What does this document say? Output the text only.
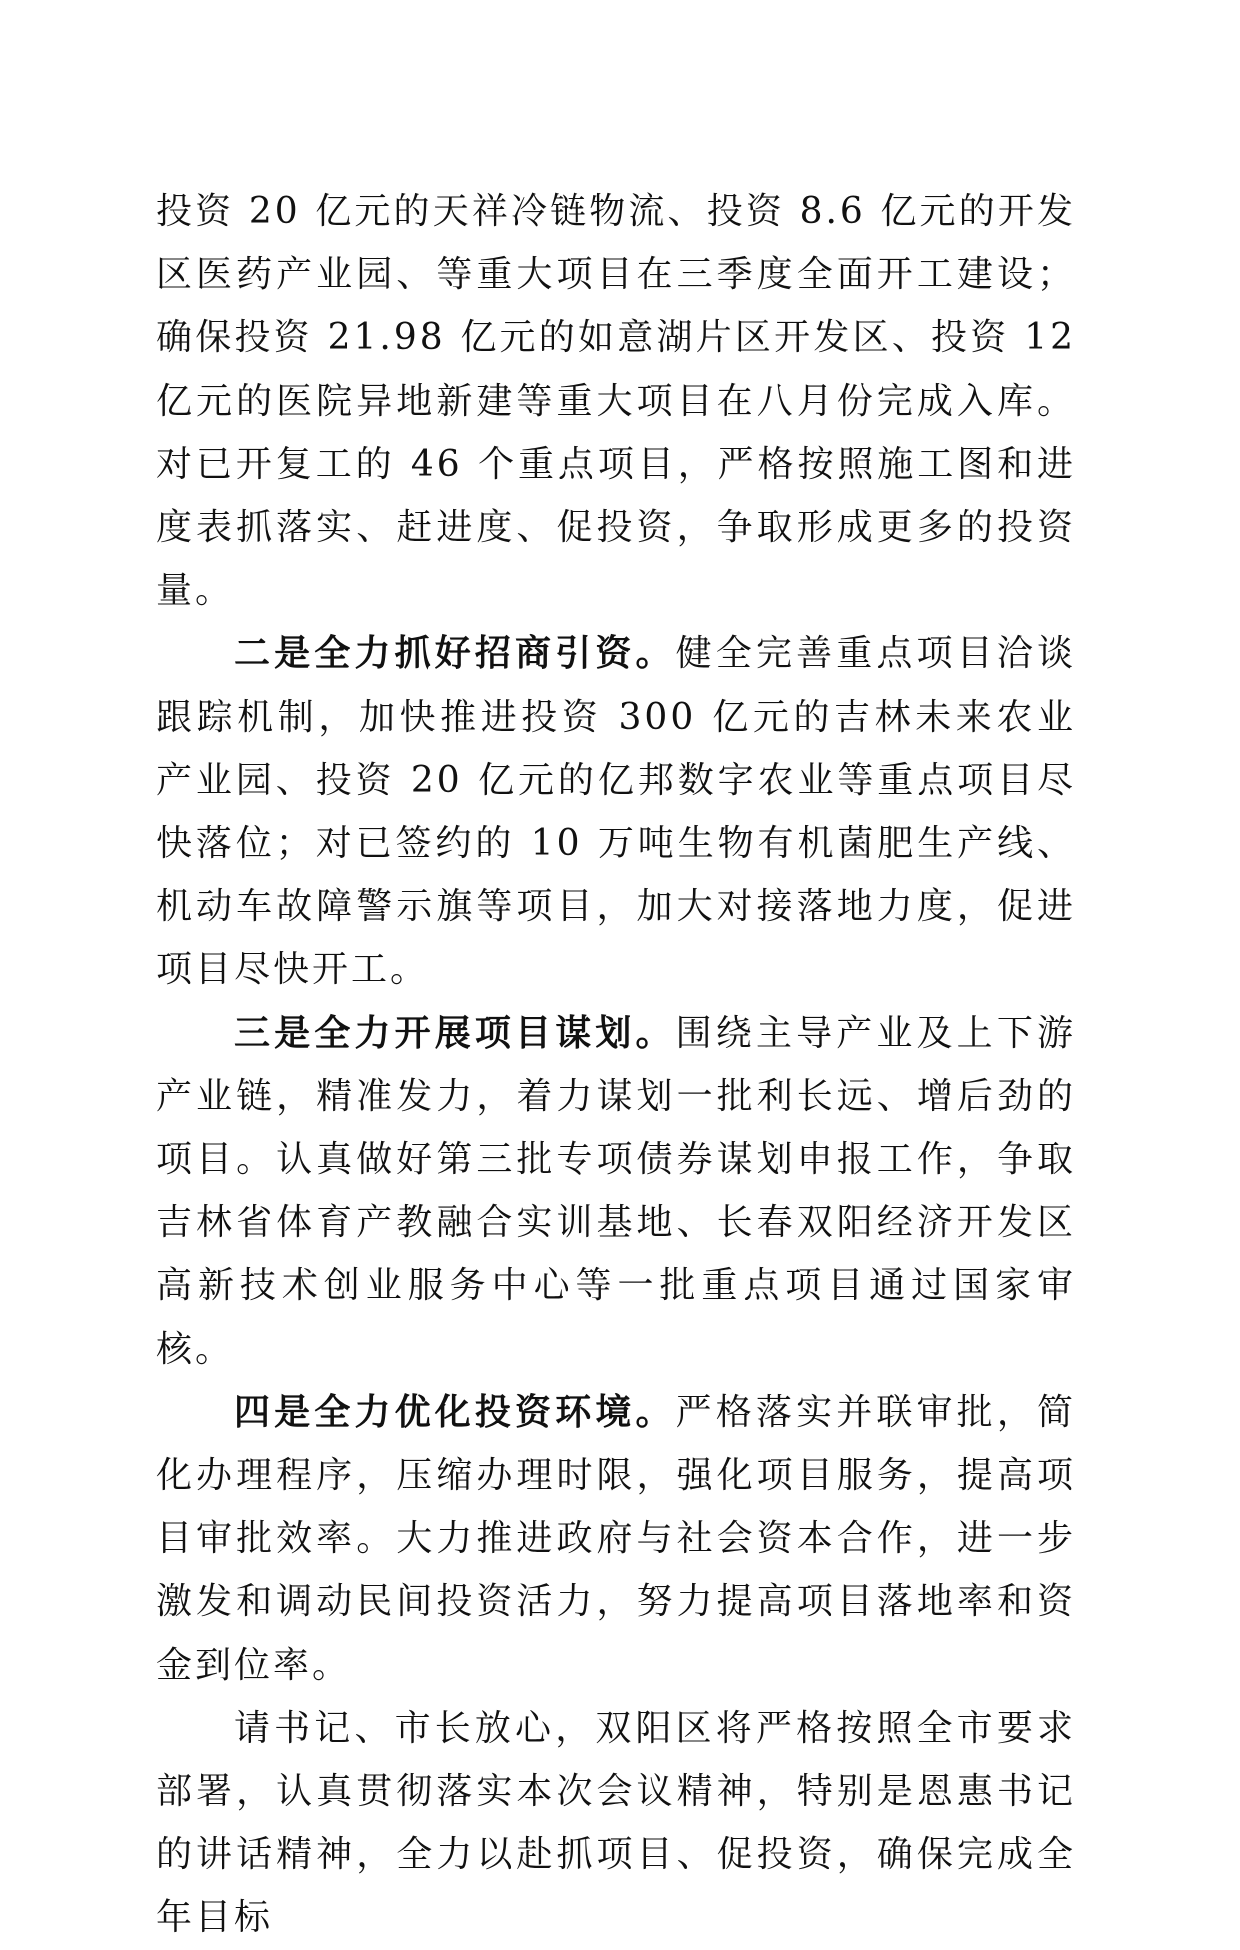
投资 20 亿元的天祥冷链物流、投资 8.6 亿元的开发区医药产业园、等重大项目在三季度全面开工建设；确保投资 21.98 亿元的如意湖片区开发区、投资 12 亿元的医院异地新建等重大项目在八月份完成入库。对已开复工的 46 个重点项目，严格按照施工图和进度表抓落实、赶进度、促投资，争取形成更多的投资量。

二是全力抓好招商引资。健全完善重点项目洽谈跟踪机制，加快推进投资 300 亿元的吉林未来农业产业园、投资 20 亿元的亿邦数字农业等重点项目尽快落位；对已签约的 10 万吨生物有机菌肥生产线、机动车故障警示旗等项目，加大对接落地力度，促进项目尽快开工。

三是全力开展项目谋划。围绕主导产业及上下游产业链，精准发力，着力谋划一批利长远、增后劲的项目。认真做好第三批专项债券谋划申报工作，争取吉林省体育产教融合实训基地、长春双阳经济开发区高新技术创业服务中心等一批重点项目通过国家审核。

四是全力优化投资环境。严格落实并联审批，简化办理程序，压缩办理时限，强化项目服务，提高项目审批效率。大力推进政府与社会资本合作，进一步激发和调动民间投资活力，努力提高项目落地率和资金到位率。

请书记、市长放心，双阳区将严格按照全市要求部署，认真贯彻落实本次会议精神，特别是恩惠书记的讲话精神，全力以赴抓项目、促投资，确保完成全年目标
